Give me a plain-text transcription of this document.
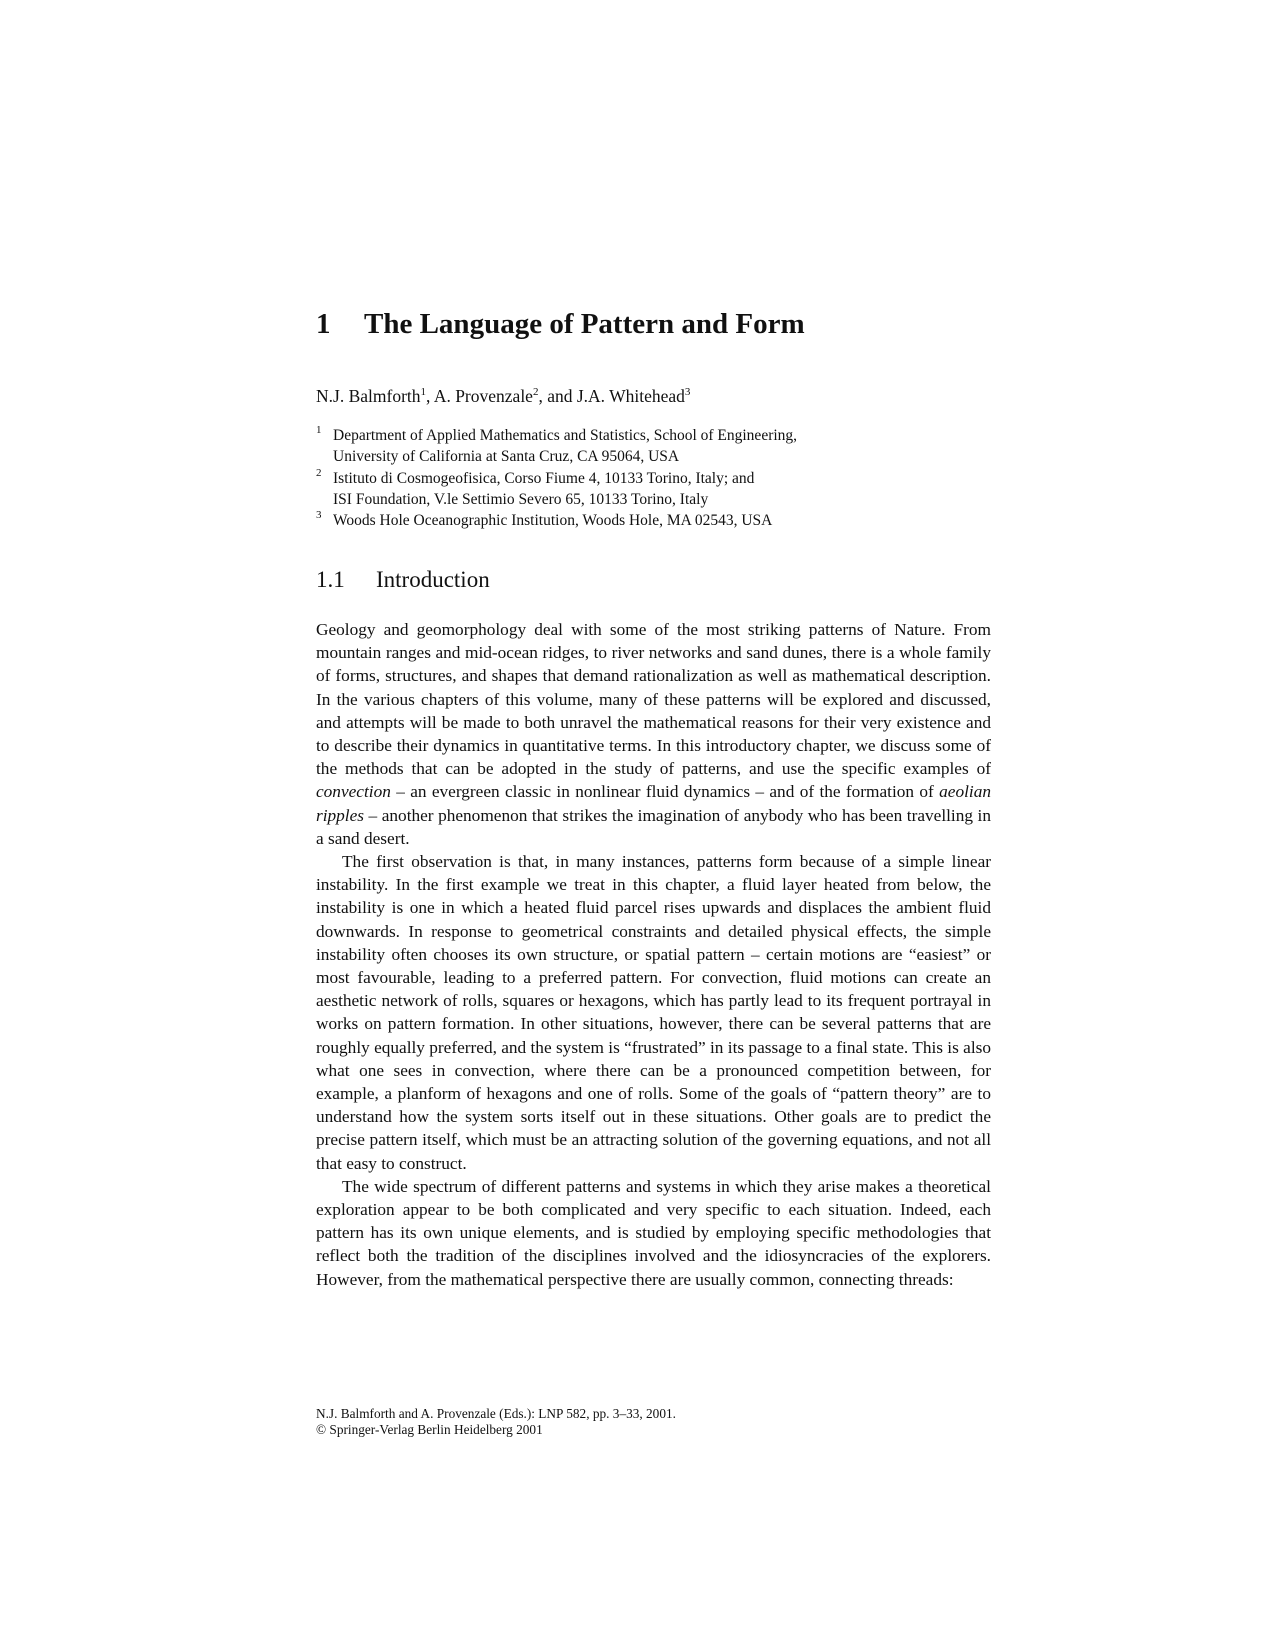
1 The Language of Pattern and Form
N.J. Balmforth$^1$, A. Provenzale$^2$, and J.A. Whitehead$^3$
1 Department of Applied Mathematics and Statistics, School of Engineering,
University of California at Santa Cruz, CA 95064, USA
2 Istituto di Cosmogeofisica, Corso Fiume 4, 10133 Torino, Italy; and
ISI Foundation, V.le Settimio Severo 65, 10133 Torino, Italy
3 Woods Hole Oceanographic Institution, Woods Hole, MA 02543, USA
1.1 Introduction

Geology and geomorphology deal with some of the most striking patterns of Nature. From mountain ranges and mid-ocean ridges, to river networks and sand dunes, there is a whole family of forms, structures, and shapes that demand rationalization as well as mathematical description. In the various chapters of this volume, many of these patterns will be explored and discussed, and attempts will be made to both unravel the mathematical reasons for their very existence and to describe their dynamics in quantitative terms. In this introductory chapter, we discuss some of the methods that can be adopted in the study of patterns, and use the specific examples of convection – an evergreen classic in nonlinear fluid dynamics – and of the formation of aeolian ripples – another phenomenon that strikes the imagination of anybody who has been travelling in a sand desert.

The first observation is that, in many instances, patterns form because of a simple linear instability. In the first example we treat in this chapter, a fluid layer heated from below, the instability is one in which a heated fluid parcel rises upwards and displaces the ambient fluid downwards. In response to geometrical constraints and detailed physical effects, the simple instability often chooses its own structure, or spatial pattern – certain motions are “easiest” or most favourable, leading to a preferred pattern. For convection, fluid motions can create an aesthetic network of rolls, squares or hexagons, which has partly lead to its frequent portrayal in works on pattern formation. In other situations, however, there can be several patterns that are roughly equally preferred, and the system is “frustrated” in its passage to a final state. This is also what one sees in convection, where there can be a pronounced competition between, for example, a planform of hexagons and one of rolls. Some of the goals of “pattern theory” are to understand how the system sorts itself out in these situations. Other goals are to predict the precise pattern itself, which must be an attracting solution of the governing equations, and not all that easy to construct.

The wide spectrum of different patterns and systems in which they arise makes a theoretical exploration appear to be both complicated and very specific to each situation. Indeed, each pattern has its own unique elements, and is studied by employing specific methodologies that reflect both the tradition of the disciplines involved and the idiosyncracies of the explorers. However, from the mathematical perspective there are usually common, connecting threads:

N.J. Balmforth and A. Provenzale (Eds.): LNP 582, pp. 3–33, 2001.
© Springer-Verlag Berlin Heidelberg 2001
